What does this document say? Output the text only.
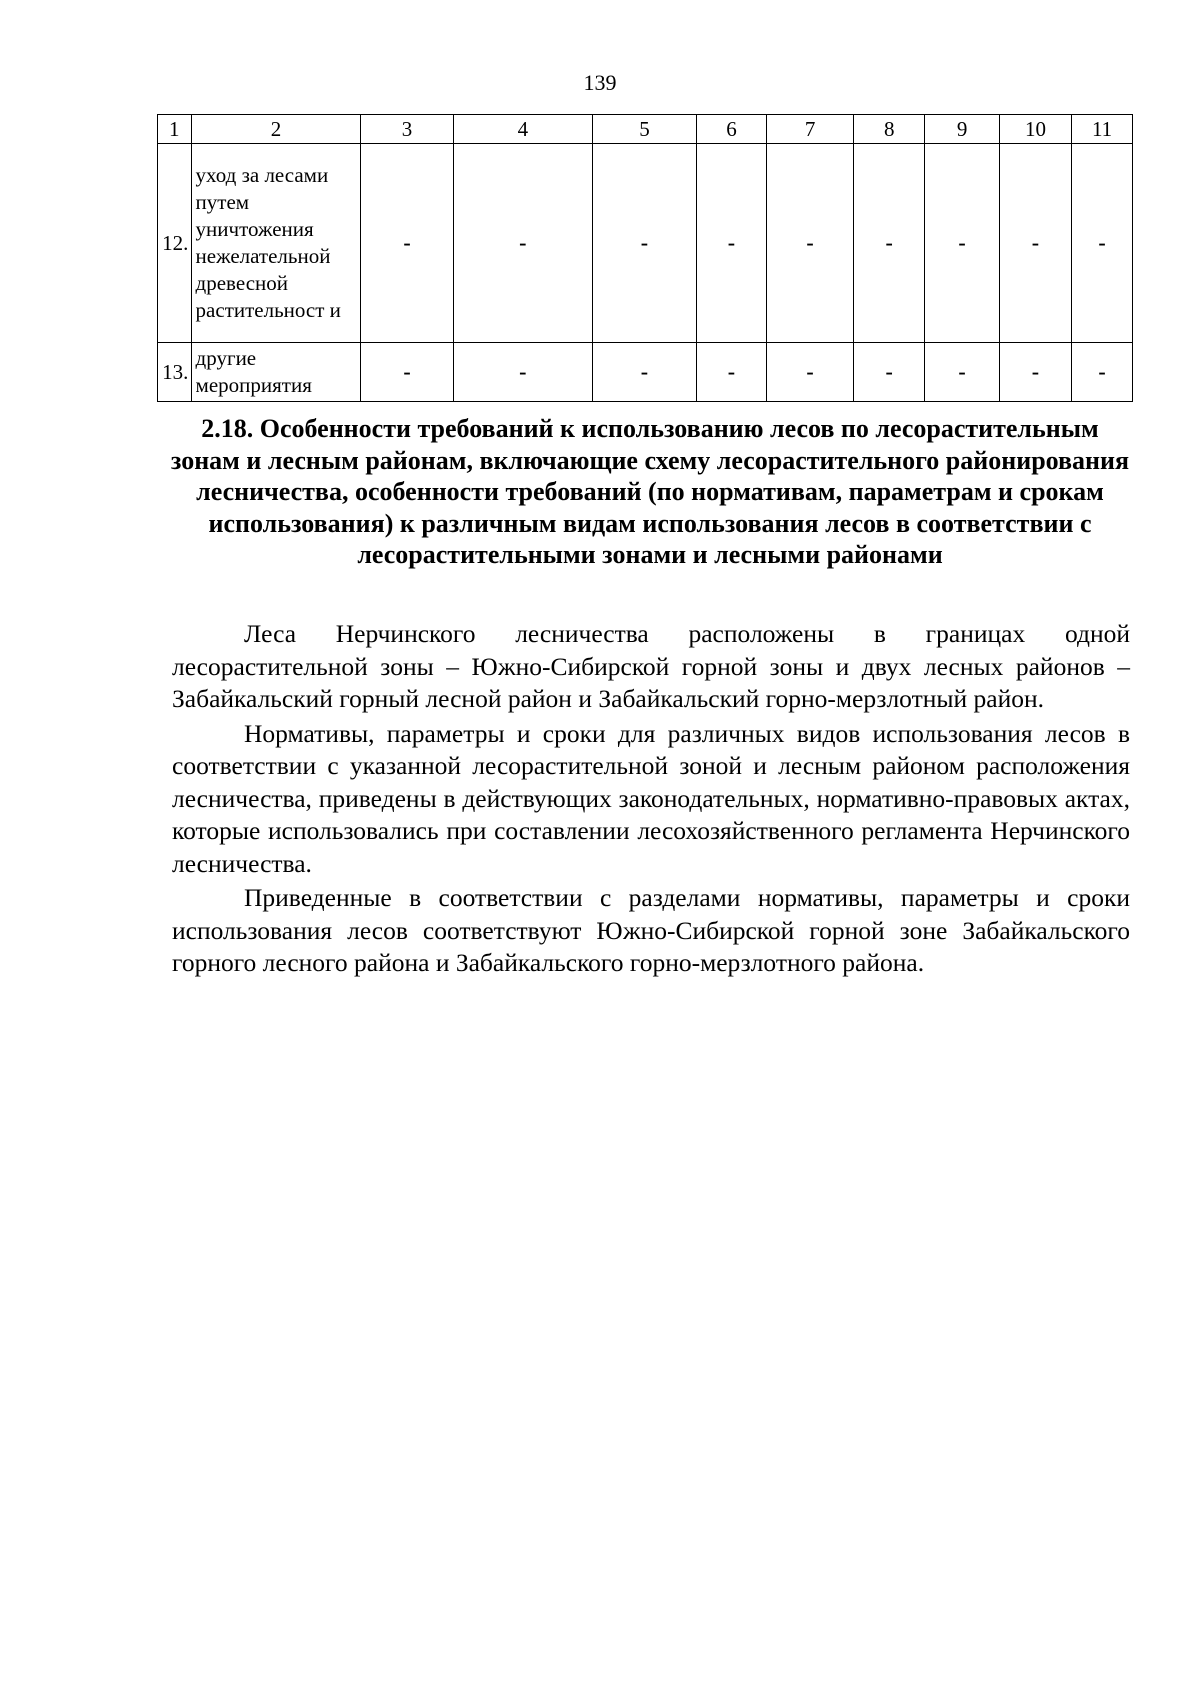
139
1	2	3	4	5	6	7	8	9	10	11
12.	уход за лесами путем уничтожения нежелательной древесной растительност и	-	-	-	-	-	-	-	-	-
13.	другие мероприятия	-	-	-	-	-	-	-	-	-
2.18. Особенности требований к использованию лесов по лесорастительным зонам и лесным районам, включающие схему лесорастительного районирования лесничества, особенности требований (по нормативам, параметрам и срокам использования) к различным видам использования лесов в соответствии с лесорастительными зонами и лесными районами

Леса Нерчинского лесничества расположены в границах одной лесорастительной зоны – Южно-Сибирской горной зоны и двух лесных районов – Забайкальский горный лесной район и Забайкальский горно-мерзлотный район.

Нормативы, параметры и сроки для различных видов использования лесов в соответствии с указанной лесорастительной зоной и лесным районом расположения лесничества, приведены в действующих законодательных, нормативно-правовых актах, которые использовались при составлении лесохозяйственного регламента Нерчинского лесничества.

Приведенные в соответствии с разделами нормативы, параметры и сроки использования лесов соответствуют Южно-Сибирской горной зоне Забайкальского горного лесного района и Забайкальского горно-мерзлотного района.
